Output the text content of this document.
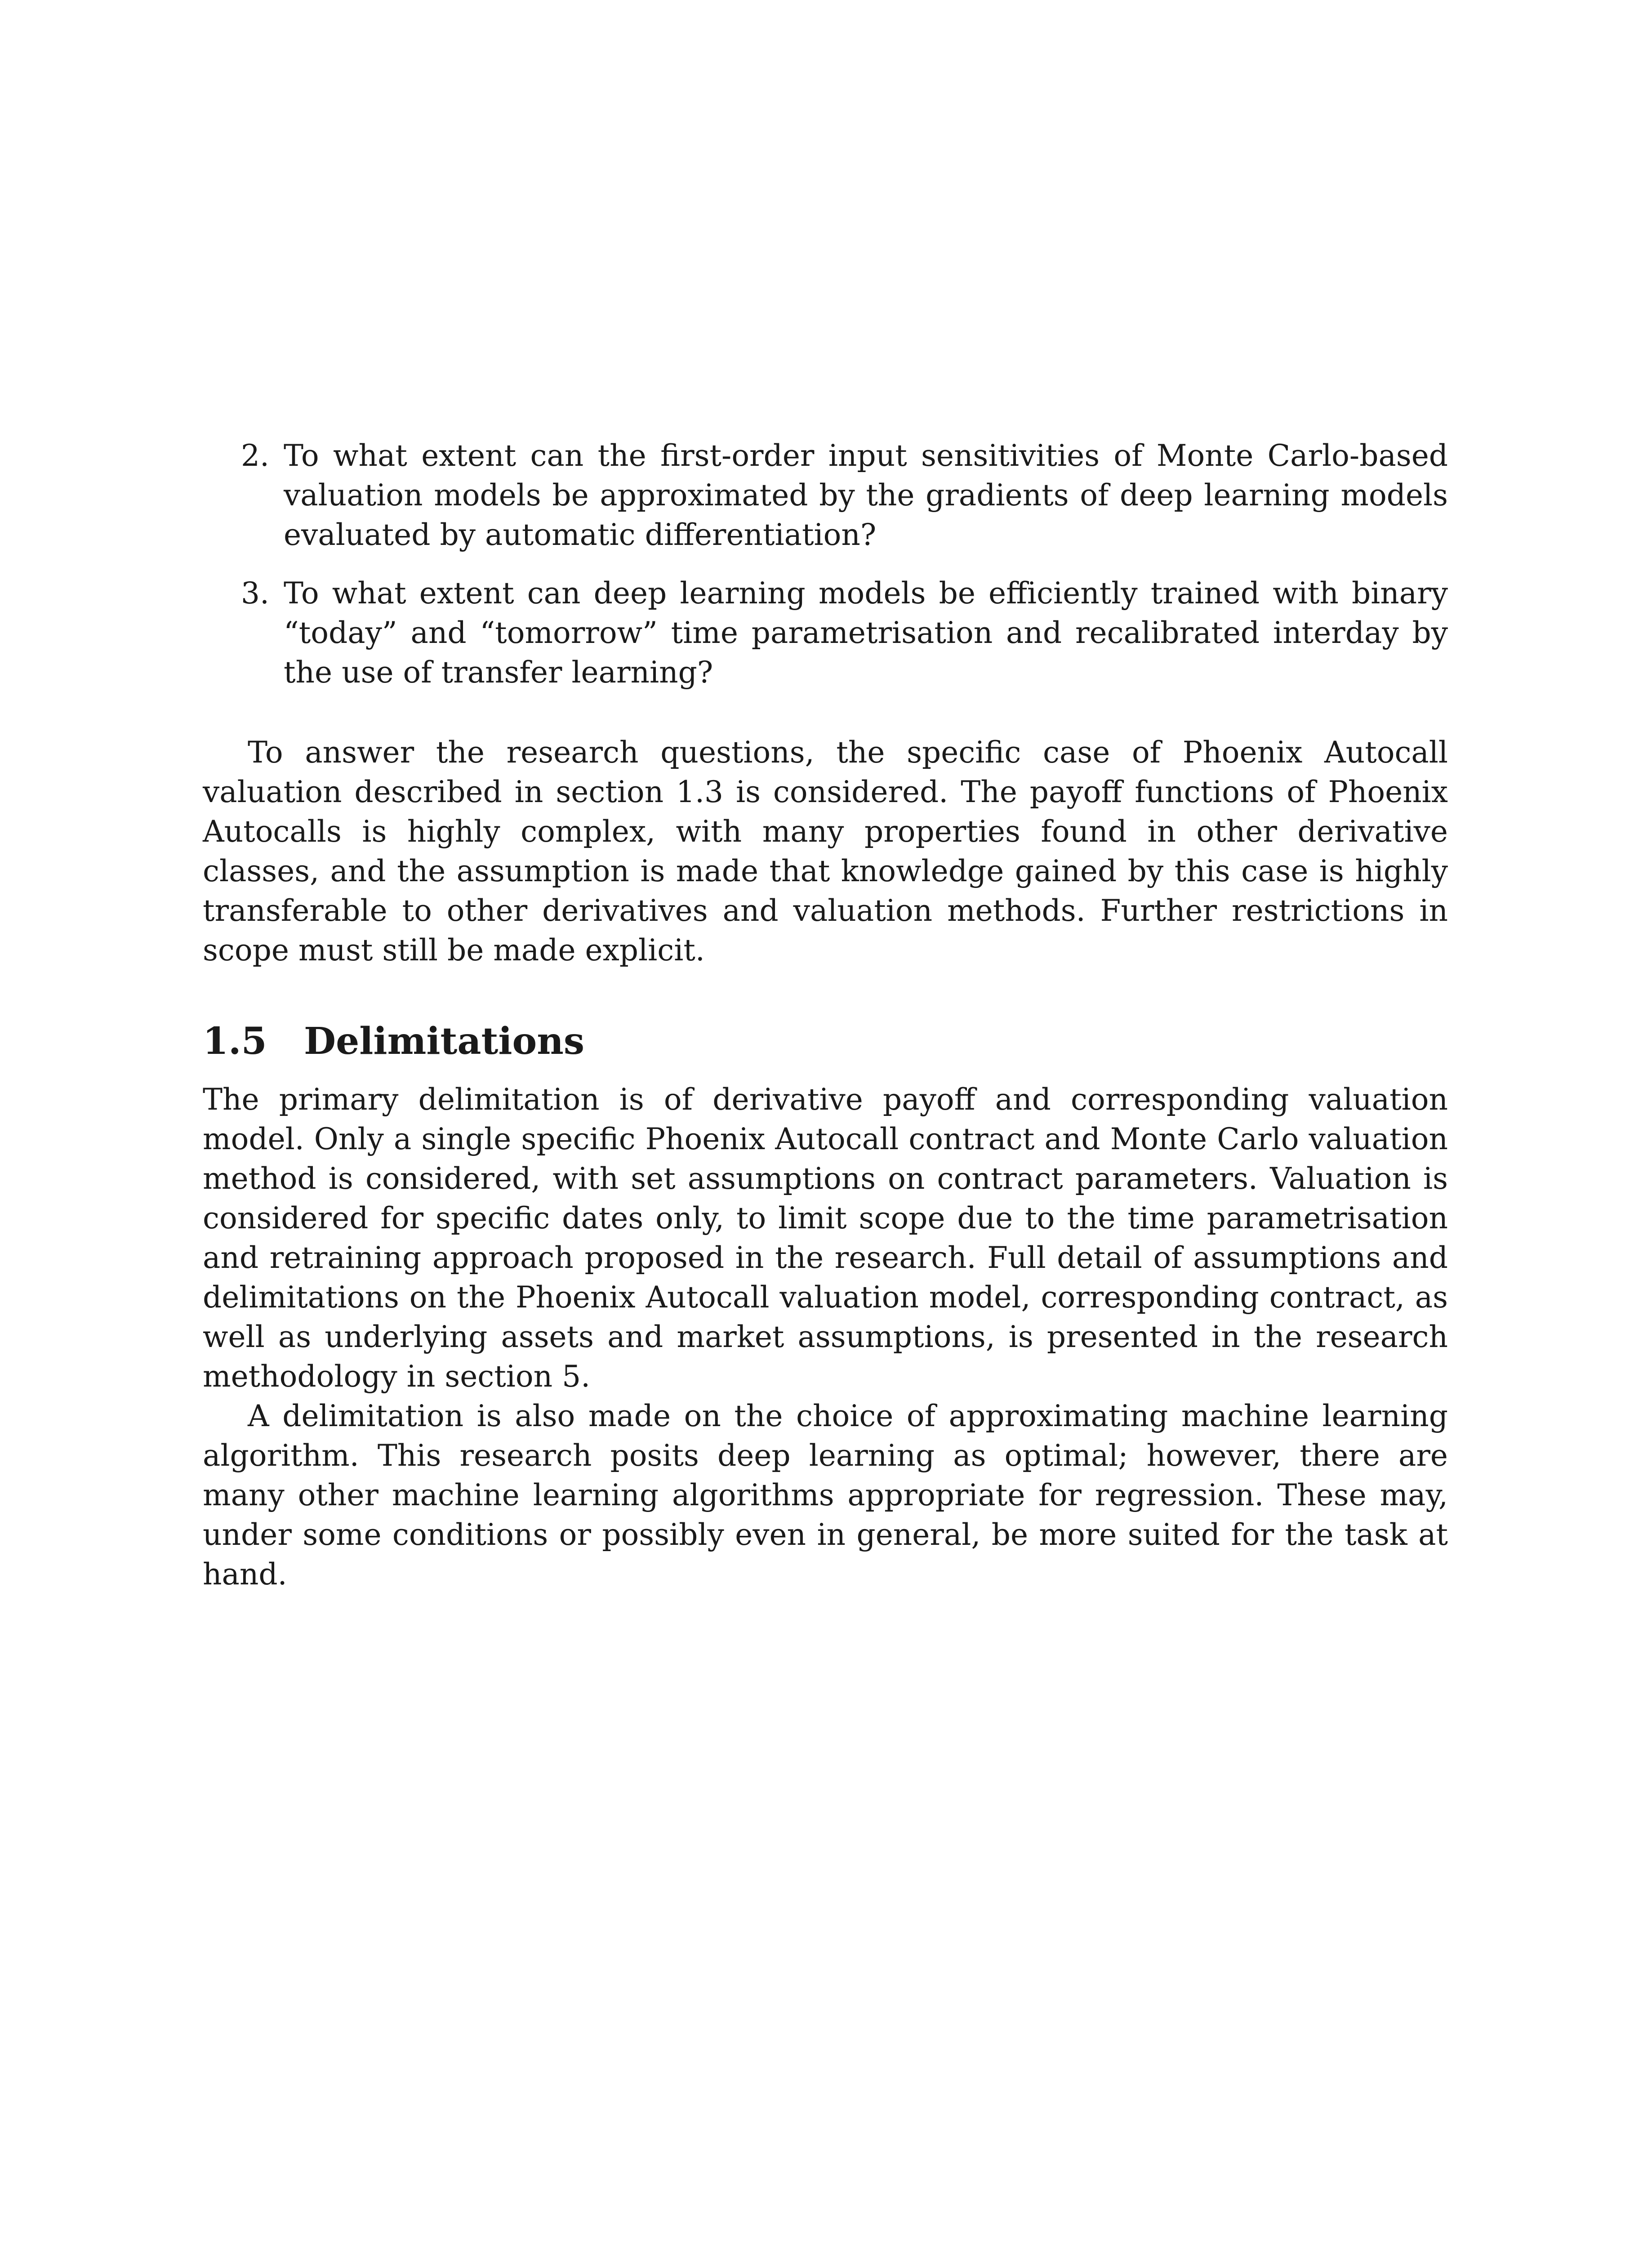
2. To what extent can the first-order input sensitivities of Monte Carlo-based valuation models be approximated by the gradients of deep learning models evaluated by automatic differentiation?
3. To what extent can deep learning models be efficiently trained with binary “today” and “tomorrow” time parametrisation and recalibrated interday by the use of transfer learning?

To answer the research questions, the specific case of Phoenix Autocall valuation described in section 1.3 is considered. The payoff functions of Phoenix Autocalls is highly complex, with many properties found in other derivative classes, and the assumption is made that knowledge gained by this case is highly transferable to other derivatives and valuation methods. Further restrictions in scope must still be made explicit.

1.5	Delimitations

The primary delimitation is of derivative payoff and corresponding valuation model. Only a single specific Phoenix Autocall contract and Monte Carlo valuation method is considered, with set assumptions on contract parameters. Valuation is considered for specific dates only, to limit scope due to the time parametrisation and retraining approach proposed in the research. Full detail of assumptions and delimitations on the Phoenix Autocall valuation model, corresponding contract, as well as underlying assets and market assumptions, is presented in the research methodology in section 5.

A delimitation is also made on the choice of approximating machine learning algorithm. This research posits deep learning as optimal; however, there are many other machine learning algorithms appropriate for regression. These may, under some conditions or possibly even in general, be more suited for the task at hand.
